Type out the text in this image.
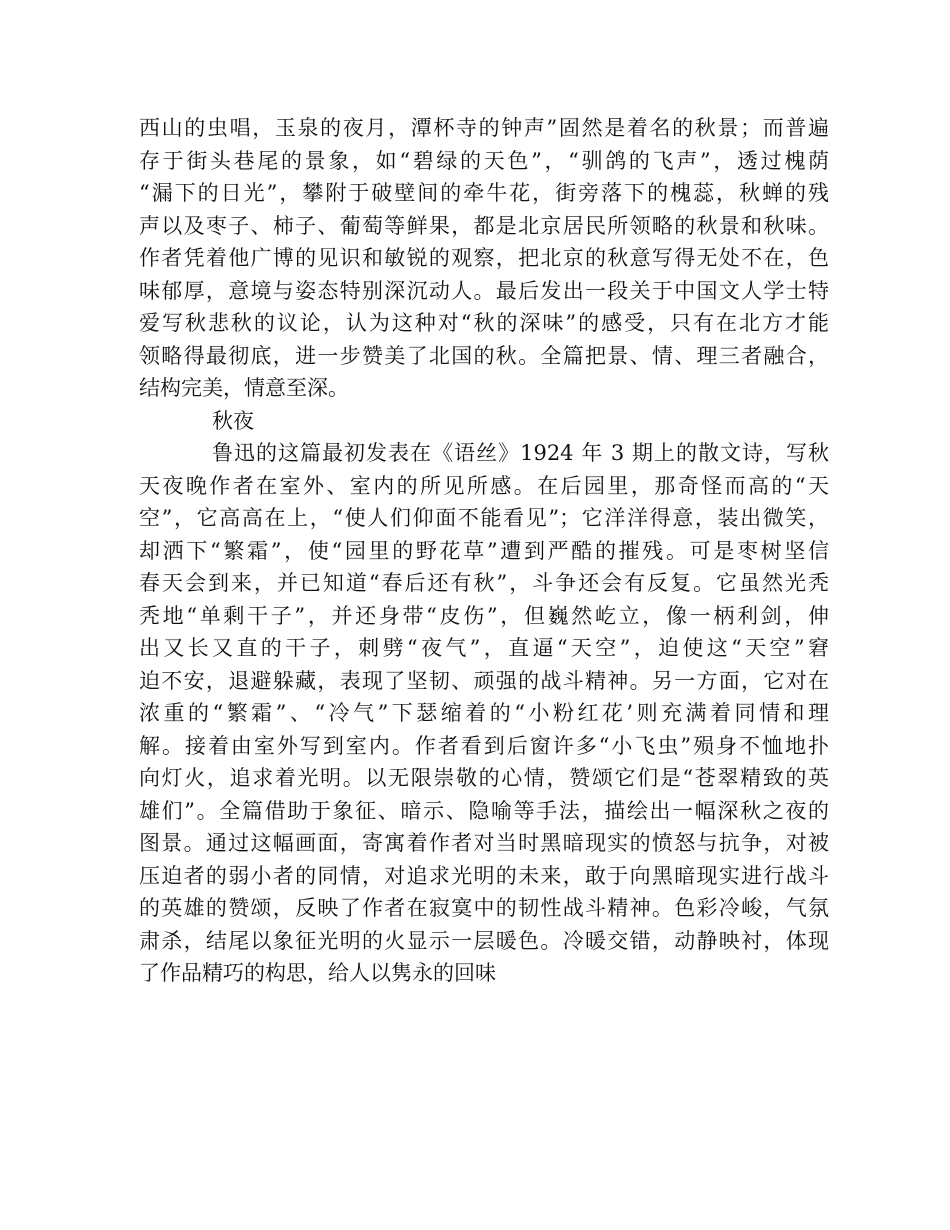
西山的虫唱，玉泉的夜月，潭杯寺的钟声”固然是着名的秋景；而普遍
存于街头巷尾的景象，如“碧绿的天色”，“驯鸽的飞声”，透过槐荫
“漏下的日光”，攀附于破壁间的牵牛花，街旁落下的槐蕊，秋蝉的残
声以及枣子、柿子、葡萄等鲜果，都是北京居民所领略的秋景和秋味。
作者凭着他广博的见识和敏锐的观察，把北京的秋意写得无处不在，色
味郁厚，意境与姿态特别深沉动人。最后发出一段关于中国文人学士特
爱写秋悲秋的议论，认为这种对“秋的深味”的感受，只有在北方才能
领略得最彻底，进一步赞美了北国的秋。全篇把景、情、理三者融合，
结构完美，情意至深。
秋夜
鲁迅的这篇最初发表在《语丝》1924 年 3 期上的散文诗，写秋
天夜晚作者在室外、室内的所见所感。在后园里，那奇怪而高的“天
空”，它高高在上，“使人们仰面不能看见”；它洋洋得意，装出微笑，
却洒下“繁霜”，使“园里的野花草”遭到严酷的摧残。可是枣树坚信
春天会到来，并已知道“春后还有秋”，斗争还会有反复。它虽然光秃
秃地“单剩干子”，并还身带“皮伤”，但巍然屹立，像一柄利剑，伸
出又长又直的干子，刺劈“夜气”，直逼“天空”，迫使这“天空”窘
迫不安，退避躲藏，表现了坚韧、顽强的战斗精神。另一方面，它对在
浓重的“繁霜”、“冷气”下瑟缩着的“小粉红花’则充满着同情和理
解。接着由室外写到室内。作者看到后窗许多“小飞虫”殒身不恤地扑
向灯火，追求着光明。以无限崇敬的心情，赞颂它们是“苍翠精致的英
雄们”。全篇借助于象征、暗示、隐喻等手法，描绘出一幅深秋之夜的
图景。通过这幅画面，寄寓着作者对当时黑暗现实的愤怒与抗争，对被
压迫者的弱小者的同情，对追求光明的未来，敢于向黑暗现实进行战斗
的英雄的赞颂，反映了作者在寂寞中的韧性战斗精神。色彩冷峻，气氛
肃杀，结尾以象征光明的火显示一层暖色。冷暖交错，动静映衬，体现
了作品精巧的构思，给人以隽永的回味
